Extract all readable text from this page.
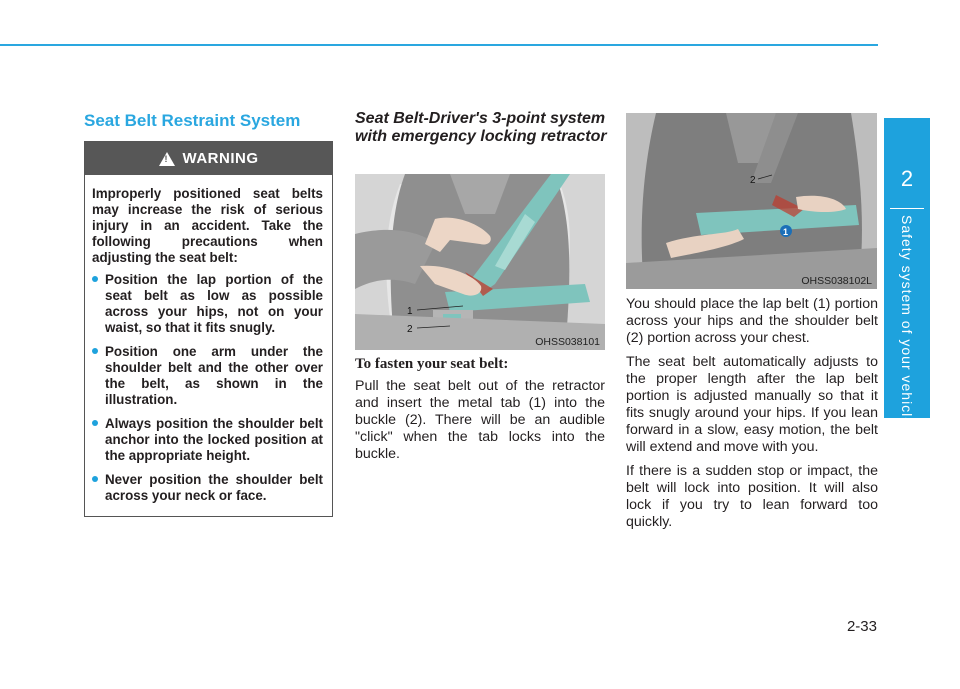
2
Safety system of your vehicle
2-33
Seat Belt Restraint System
!
WARNING

Improperly positioned seat belts may increase the risk of serious injury in an accident. Take the following precautions when adjusting the seat belt:

Position the lap portion of the seat belt as low as possible across your hips, not on your waist, so that it fits snugly.
Position one arm under the shoulder belt and the other over the belt, as shown in the illustration.
Always position the shoulder belt anchor into the locked position at the appropriate height.
Never position the shoulder belt across your neck or face.
Seat Belt-Driver's 3-point system with emergency locking retractor
1
2
OHSS038101
To fasten your seat belt:
Pull the seat belt out of the retractor and insert the metal tab (1) into the buckle (2). There will be an audible "click" when the tab locks into the buckle.
1
2
OHSS038102L

You should place the lap belt (1) portion across your hips and the shoulder belt (2) portion across your chest.

The seat belt automatically adjusts to the proper length after the lap belt portion is adjusted manually so that it fits snugly around your hips. If you lean forward in a slow, easy motion, the belt will extend and move with you.

If there is a sudden stop or impact, the belt will lock into position. It will also lock if you try to lean forward too quickly.
